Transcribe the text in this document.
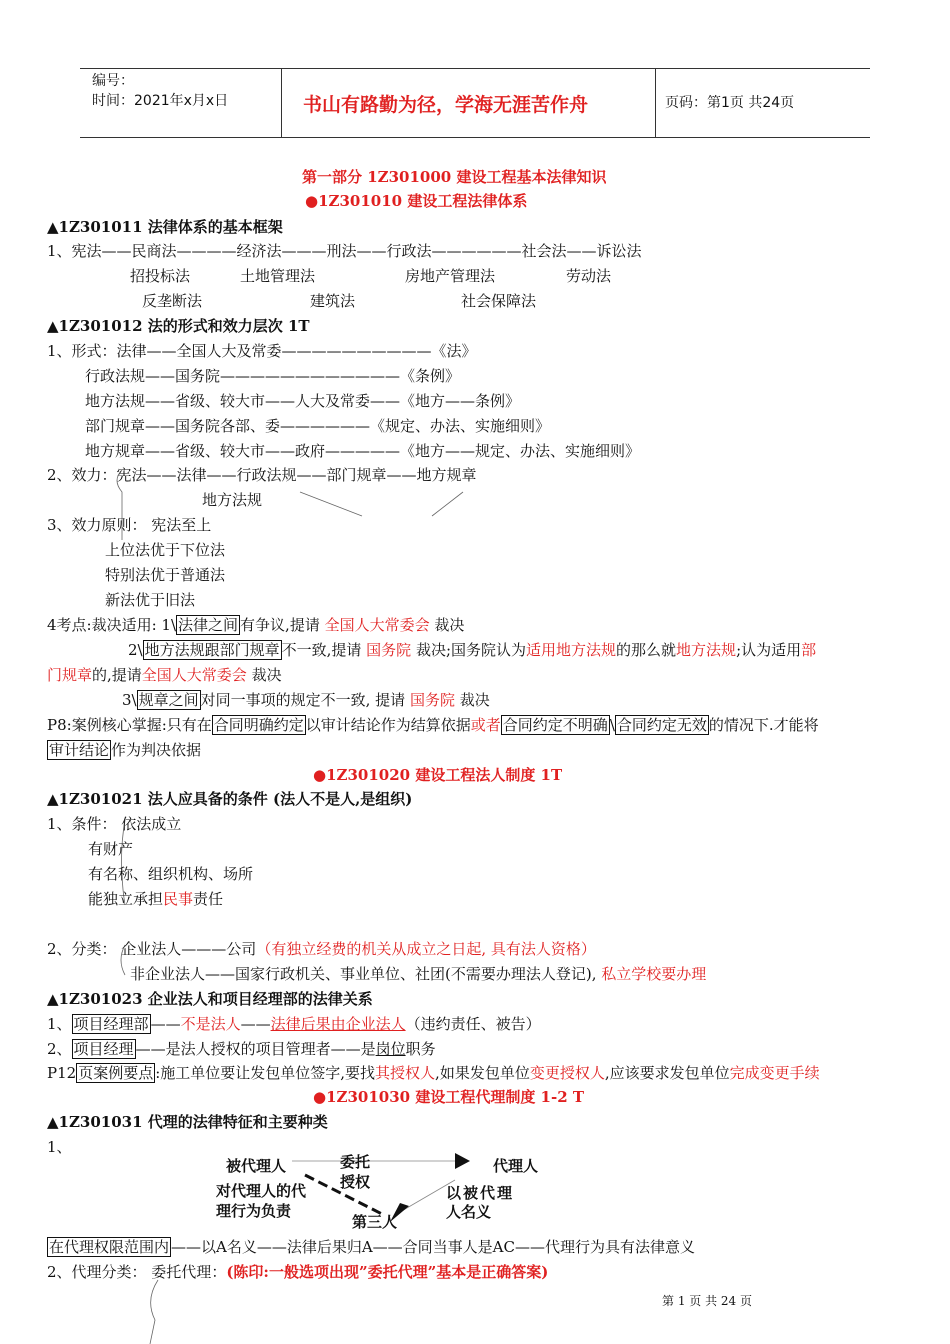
编号：
时间：2021年x月x日	书山有路勤为径，学海无涯苦作舟	页码：第1页 共24页
第一部分 1Z301000 建设工程基本法律知识
●1Z301010 建设工程法律体系
▲1Z301011 法律体系的基本框架
1、宪法——民商法————经济法———刑法——行政法——————社会法——诉讼法
招投标法	土地管理法	房地产管理法	劳动法
反垄断法	建筑法	社会保障法
▲1Z301012 法的形式和效力层次 1T
1、形式：法律——全国人大及常委——————————《法》
行政法规——国务院————————————《条例》
地方法规——省级、较大市——人大及常委——《地方——条例》
部门规章——国务院各部、委——————《规定、办法、实施细则》
地方规章——省级、较大市——政府—————《地方——规定、办法、实施细则》
2、效力：宪法——法律——行政法规——部门规章——地方规章
地方法规
3、效力原则： 宪法至上
上位法优于下位法
特别法优于普通法
新法优于旧法
4考点:裁决适用: 1\ 法律之间 有争议,提请 全国人大常委会 裁决
2\ 地方法规跟部门规章 不一致,提请 国务院 裁决;国务院认为适用地方法规的那么就地方法规;认为适用部
门规章的,提请全国人大常委会 裁决
3\ 规章之间 对同一事项的规定不一致, 提请 国务院 裁决
P8:案例核心掌握:只有在 合同明确约定 以审计结论作为结算依据或者 合同约定不明确 \ 合同约定无效 的情况下.才能将
审计结论 作为判决依据
●1Z301020 建设工程法人制度 1T
▲1Z301021 法人应具备的条件 (法人不是人,是组织)
1、条件： 依法成立
有财产
有名称、组织机构、场所
能独立承担民事责任
2、分类： 企业法人———公司（有独立经费的机关从成立之日起, 具有法人资格）
非企业法人——国家行政机关、事业单位、社团(不需要办理法人登记), 私立学校要办理
▲1Z301023 企业法人和项目经理部的法律关系
1、 项目经理部 ——不是法人——法律后果由企业法人（违约责任、被告）
2、 项目经理 ——是法人授权的项目管理者——是岗位职务
P12 页案例要点 :施工单位要让发包单位签字,要找其授权人,如果发包单位变更授权人,应该要求发包单位完成变更手续
●1Z301030 建设工程代理制度 1-2 T
▲1Z301031 代理的法律特征和主要种类
1、
被代理人	委托
授权
代理人
对代理人的代
理行为负责
以被代理
人名义
第三人
在代理权限范围内 ——以A名义——法律后果归A——合同当事人是AC——代理行为具有法律意义
2、代理分类： 委托代理：(陈印:一般选项出现”委托代理”基本是正确答案)
第 1 页 共 24 页
